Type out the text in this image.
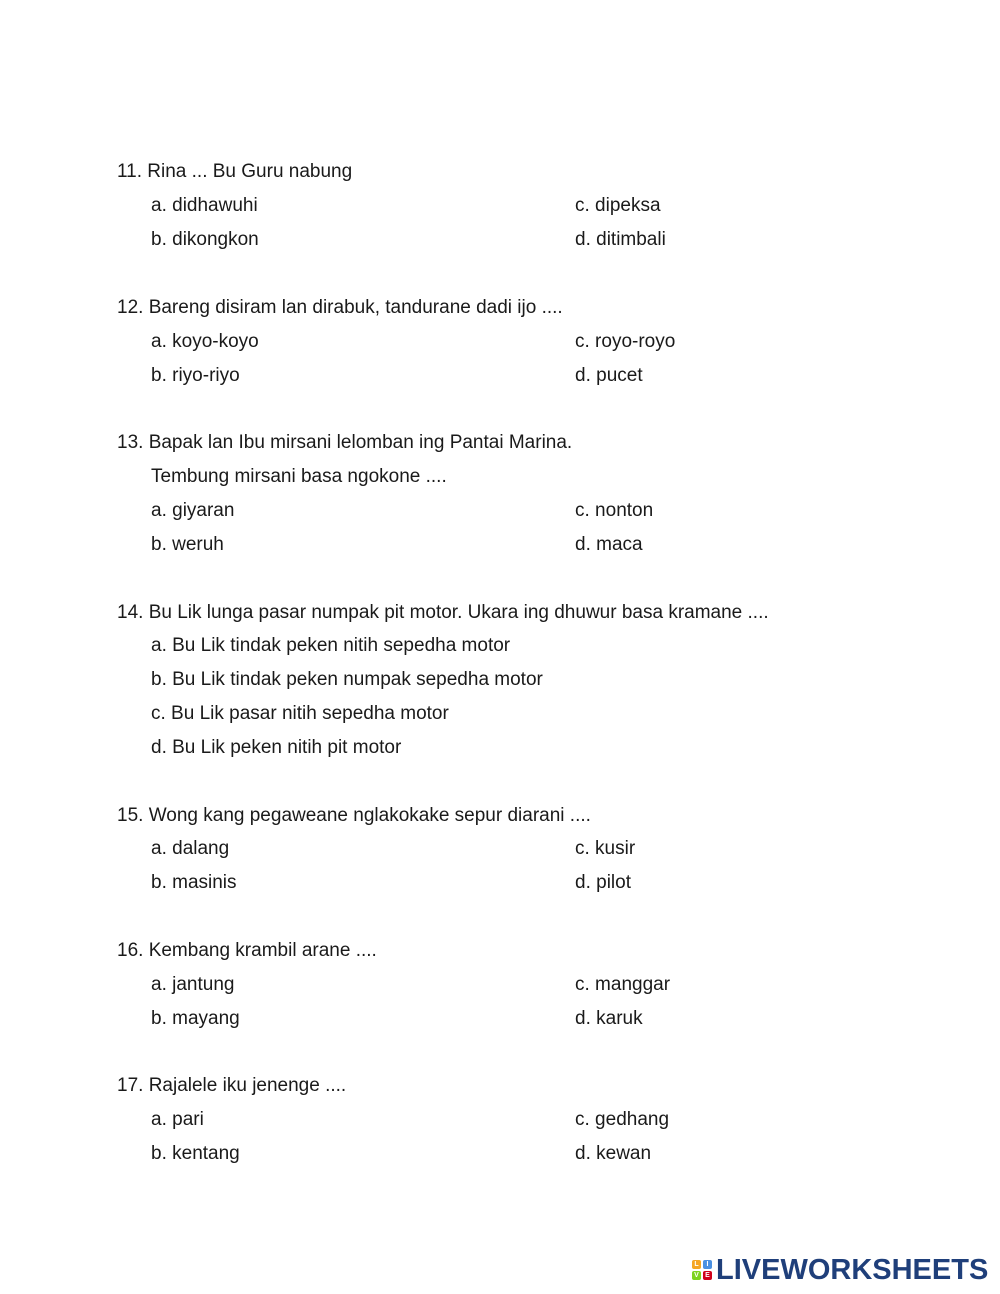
11. Rina ... Bu Guru nabung
a. didhawuhi	c. dipeksa
b. dikongkon	d. ditimbali
12. Bareng disiram lan dirabuk, tandurane dadi ijo ....
a. koyo-koyo	c. royo-royo
b. riyo-riyo	d. pucet
13. Bapak lan Ibu mirsani lelomban ing Pantai Marina.
Tembung mirsani basa ngokone ....
a. giyaran	c. nonton
b. weruh	d. maca
14. Bu Lik lunga pasar numpak pit motor. Ukara ing dhuwur basa kramane ....
a. Bu Lik tindak peken nitih sepedha motor
b. Bu Lik tindak peken numpak sepedha motor
c. Bu Lik pasar nitih sepedha motor
d. Bu Lik peken nitih pit motor
15. Wong kang pegaweane nglakokake sepur diarani ....
a. dalang	c. kusir
b. masinis	d. pilot
16. Kembang krambil arane ....
a. jantung	c. manggar
b. mayang	d. karuk
17. Rajalele iku jenenge ....
a. pari	c. gedhang
b. kentang	d. kewan
L	I
V E LIVEWORKSHEETS
